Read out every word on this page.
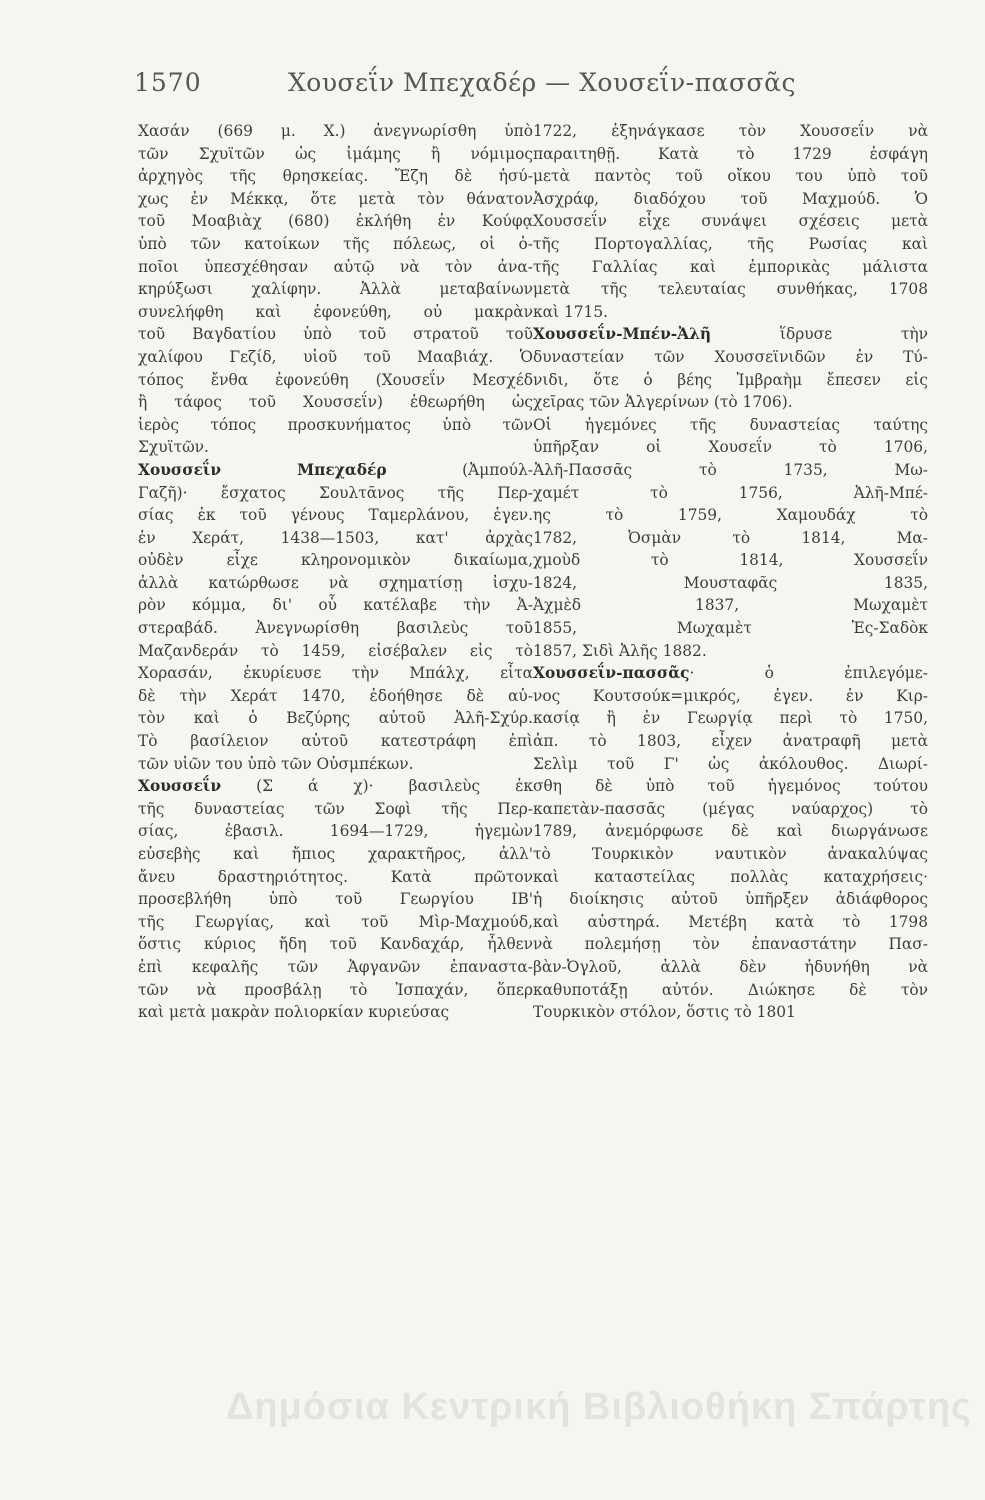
1570	Χουσεΐν Μπεχαδέρ — Χουσεΐν-πασσᾶς

Χασάν (669 μ. Χ.) ἀνεγνωρίσθη ὑπὸ
τῶν Σχυϊτῶν ὡς ἰμάμης ἢ νόμιμος
ἀρχηγὸς τῆς θρησκείας. Ἔζη δὲ ἡσύ-
χως ἐν Μέκκᾳ, ὅτε μετὰ τὸν θάνατον
τοῦ Μοαβιὰχ (680) ἐκλήθη ἐν Κούφᾳ
ὑπὸ τῶν κατοίκων τῆς πόλεως, οἱ ὁ-
ποῖοι ὑπεσχέθησαν αὐτῷ νὰ τὸν ἀνα-
κηρύξωσι χαλίφην. Ἀλλὰ μεταβαίνων
συνελήφθη καὶ ἐφονεύθη, οὐ μακρὰν
τοῦ Βαγδατίου ὑπὸ τοῦ στρατοῦ τοῦ
χαλίφου Γεζίδ, υἱοῦ τοῦ Μααβιάχ. Ὁ
τόπος ἔνθα ἐφονεύθη (Χουσεΐν Μεσχέδ
ἢ τάφος τοῦ Χουσσεΐν) ἐθεωρήθη ὡς
ἱερὸς τόπος προσκυνήματος ὑπὸ τῶν
Σχυϊτῶν.
Χουσσεΐν Μπεχαδέρ (Ἀμπούλ-
Γαζῆ)· ἔσχατος Σουλτᾶνος τῆς Περ-
σίας ἐκ τοῦ γένους Ταμερλάνου, ἐγεν.
ἐν Χεράτ, 1438—1503, κατ' ἀρχὰς
οὐδὲν εἶχε κληρονομικὸν δικαίωμα,
ἀλλὰ κατώρθωσε νὰ σχηματίσῃ ἰσχυ-
ρὸν κόμμα, δι' οὗ κατέλαβε τὴν Ἀ-
στεραβάδ. Ἀνεγνωρίσθη βασιλεὺς τοῦ
Μαζανδεράν τὸ 1459, εἰσέβαλεν εἰς τὸ
Χορασάν, ἐκυρίευσε τὴν Μπάλχ, εἶτα
δὲ τὴν Χεράτ 1470, ἐδοήθησε δὲ αὐ-
τὸν καὶ ὁ Βεζύρης αὐτοῦ Ἀλῆ-Σχύρ.
Τὸ βασίλειον αὐτοῦ κατεστράφη ἐπὶ
τῶν υἱῶν του ὑπὸ τῶν Οὐσμπέκων.
Χουσσεΐν (Σ ά χ)· βασιλεὺς ἐκ
τῆς δυναστείας τῶν Σοφὶ τῆς Περ-
σίας, ἐβασιλ. 1694—1729, ἡγεμὼν
εὐσεβὴς καὶ ἤπιος χαρακτῆρος, ἀλλ'
ἄνευ δραστηριότητος. Κατὰ πρῶτον
προσεβλήθη ὑπὸ τοῦ Γεωργίου ΙΒ'
τῆς Γεωργίας, καὶ τοῦ Μὶρ-Μαχμούδ,
ὅστις κύριος ἤδη τοῦ Κανδαχάρ, ἦλθεν
ἐπὶ κεφαλῆς τῶν Ἀφγανῶν ἐπαναστα-
τῶν νὰ προσβάλῃ τὸ Ἰσπαχάν, ὅπερ
καὶ μετὰ μακρὰν πολιορκίαν κυριεύσας

1722, ἐξηνάγκασε τὸν Χουσσεΐν νὰ
παραιτηθῇ. Κατὰ τὸ 1729 ἐσφάγη
μετὰ παντὸς τοῦ οἴκου του ὑπὸ τοῦ
Ἀσχράφ, διαδόχου τοῦ Μαχμούδ. Ὁ
Χουσσεΐν εἶχε συνάψει σχέσεις μετὰ
τῆς Πορτογαλλίας, τῆς Ρωσίας καὶ
τῆς Γαλλίας καὶ ἐμπορικὰς μάλιστα
μετὰ τῆς τελευταίας συνθήκας, 1708
καὶ 1715.
Χουσσεΐν-Μπέν-Ἀλῆ ἵδρυσε τὴν
δυναστείαν τῶν Χουσσεϊνιδῶν ἐν Τύ-
νιδι, ὅτε ὁ βέης Ἰμβραὴμ ἔπεσεν εἰς
χεῖρας τῶν Ἀλγερίνων (τὸ 1706).
Οἱ ἡγεμόνες τῆς δυναστείας ταύτης
ὑπῆρξαν οἱ Χουσεΐν τὸ 1706,
Ἀλῆ-Πασσᾶς τὸ 1735, Μω-
χαμέτ τὸ 1756, Ἀλῆ-Μπέ-
ης τὸ 1759, Χαμουδάχ τὸ
1782, Ὀσμὰν τὸ 1814, Μα-
χμοὺδ τὸ 1814, Χουσσεΐν
1824, Μουσταφᾶς 1835,
Ἀχμὲδ 1837, Μωχαμὲτ
1855, Μωχαμὲτ Ἐς-Σαδὸκ
1857, Σιδὶ Ἀλῆς 1882.
Χουσσεΐν-πασσᾶς· ὁ ἐπιλεγόμε-
νος Κουτσούκ=μικρός, ἐγεν. ἐν Κιρ-
κασίᾳ ἢ ἐν Γεωργίᾳ περὶ τὸ 1750,
ἀπ. τὸ 1803, εἶχεν ἀνατραφῆ μετὰ
Σελὶμ τοῦ Γ' ὡς ἀκόλουθος. Διωρί-
σθη δὲ ὑπὸ τοῦ ἡγεμόνος τούτου
καπετὰν-πασσᾶς (μέγας ναύαρχος) τὸ
1789, ἀνεμόρφωσε δὲ καὶ διωργάνωσε
τὸ Τουρκικὸν ναυτικὸν ἀνακαλύψας
καὶ καταστείλας πολλὰς καταχρήσεις·
ἡ διοίκησις αὐτοῦ ὑπῆρξεν ἀδιάφθορος
καὶ αὐστηρά. Μετέβη κατὰ τὸ 1798
νὰ πολεμήσῃ τὸν ἐπαναστάτην Πασ-
βὰν-Ὀγλοῦ, ἀλλὰ δὲν ἠδυνήθη νὰ
καθυποτάξῃ αὐτόν. Διώκησε δὲ τὸν
Τουρκικὸν στόλον, ὅστις τὸ 1801

Δημόσια Κεντρική Βιβλιοθήκη Σπάρτης
